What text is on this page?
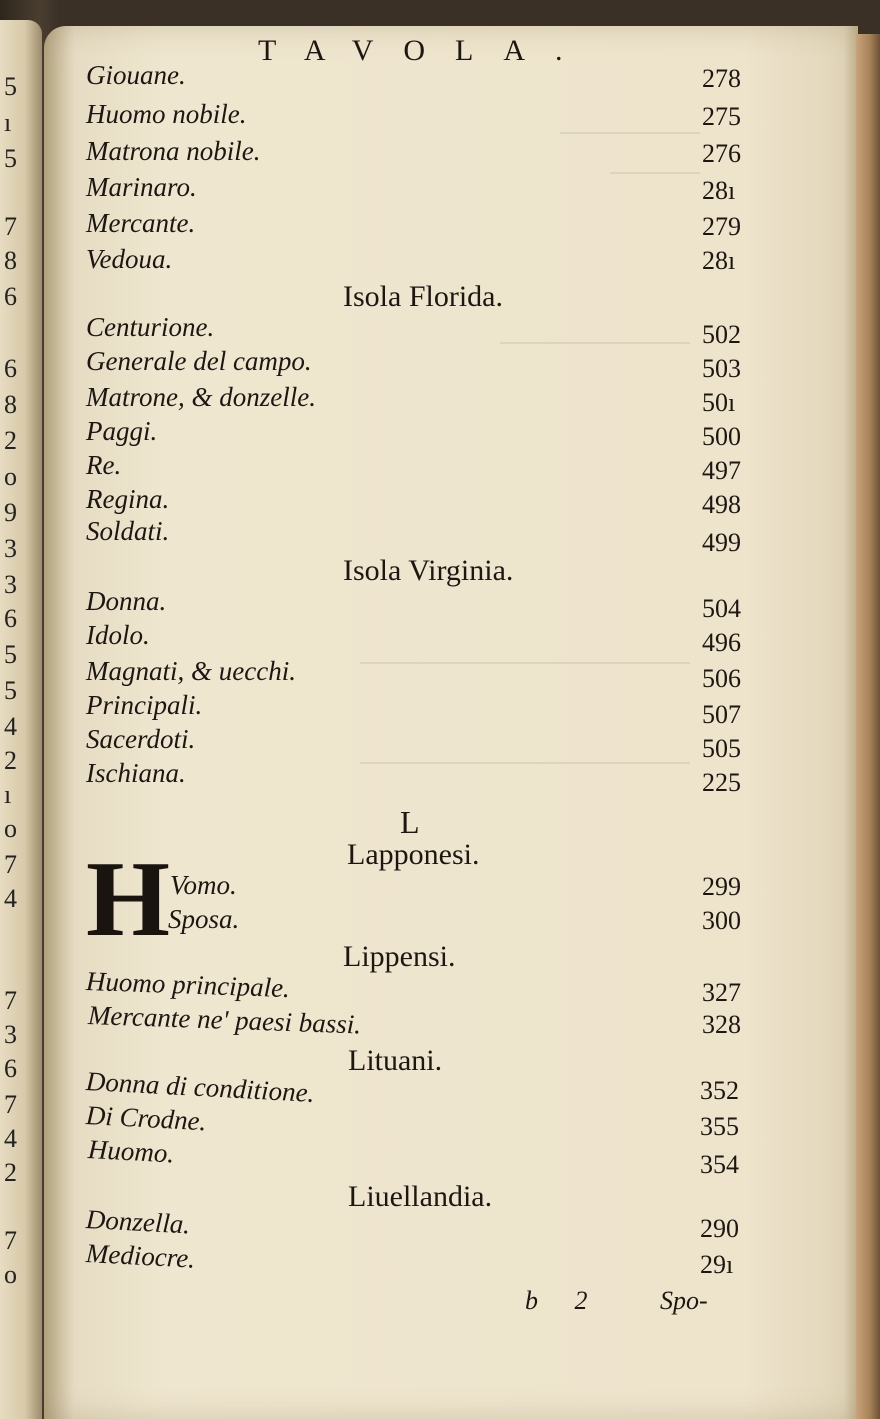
5
ı
5
7
8
6
6
8
2
o
9
3
3
6
5
5
4
2
ı
o
7
4
7
3
6
7
4
2
7
o
TAVOLA.
Giouane.	278
Huomo nobile.	275
Matrona nobile.	276
Marinaro.	28ı
Mercante.	279
Vedoua.	28ı
Isola Florida.
Centurione.	502
Generale del campo.	503
Matrone, & donzelle.	50ı
Paggi.	500
Re.	497
Regina.	498
Soldati.	499
Isola Virginia.
Donna.	504
Idolo.	496
Magnati, & uecchi.	506
Principali.	507
Sacerdoti.	505
Ischiana.	225
L
Lapponesi.
H Vomo.	299
Sposa.	300
Lippensi.
Huomo principale.	327
Mercante ne' paesi bassi.	328
Lituani.
Donna di conditione.	352
Di Crodne.	355
Huomo.	354
Liuellandia.
Donzella.	290
Mediocre.	29ı
b 2	Spo-
